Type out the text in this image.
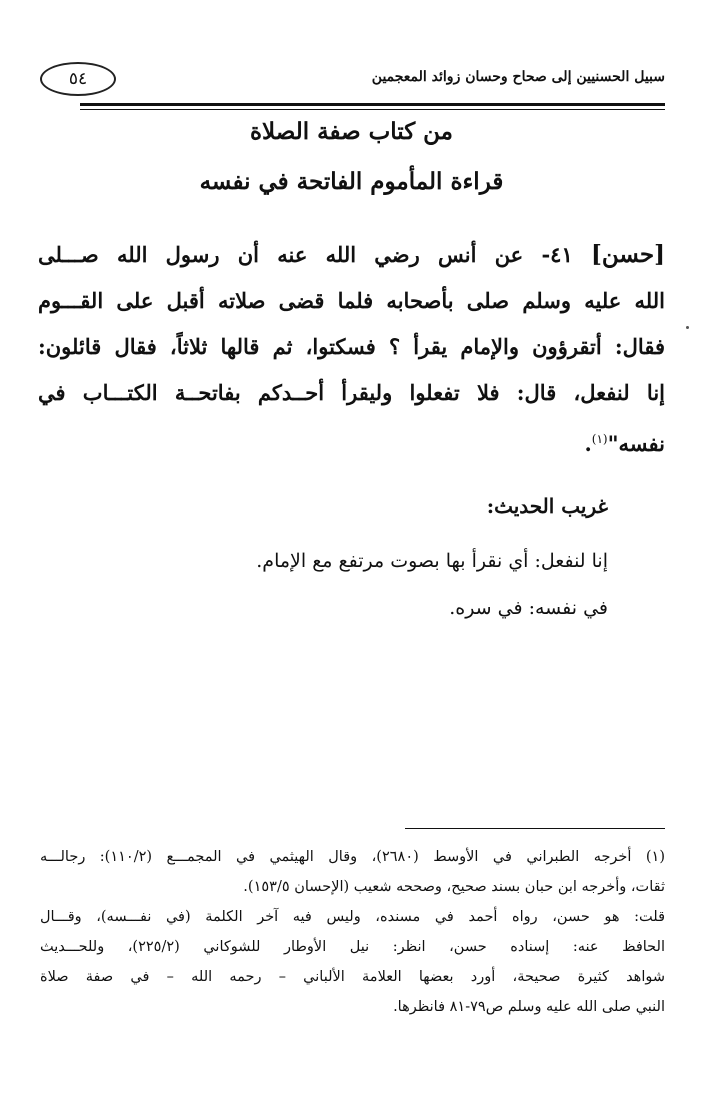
٥٤	سبيل الحسنيين إلى صحاح وحسان زوائد المعجمين
من كتاب صفة الصلاة
قراءة المأموم الفاتحة في نفسه
[حسن] ٤١- عن أنس رضي الله عنه أن رسول الله صـــلى
الله عليه وسلم صلى بأصحابه فلما قضى صلاته أقبل على القـــوم
فقال: أتقرؤون والإمام يقرأ ؟ فسكتوا، ثم قالها ثلاثاً، فقال قائلون:
إنا لنفعل، قال: فلا تفعلوا وليقرأ أحــدكم بفاتحــة الكتـــاب في
نفسه"$^{(١)}$.
غريب الحديث:
إنا لنفعل: أي نقرأ بها بصوت مرتفع مع الإمام.
في نفسه: في سره.
(١) أخرجه الطبراني في الأوسط (٢٦٨٠)، وقال الهيثمي في المجمـــع (١١٠/٢): رجالـــه
ثقات، وأخرجه ابن حبان بسند صحيح، وصححه شعيب (الإحسان ١٥٣/٥).
قلت: هو حسن، رواه أحمد في مسنده، وليس فيه آخر الكلمة (في نفـــسه)، وقـــال
الحافظ عنه: إسناده حسن، انظر: نيل الأوطار للشوكاني (٢٢٥/٢)، وللحـــديث
شواهد كثيرة صحيحة، أورد بعضها العلامة الألباني – رحمه الله – في صفة صلاة
النبي صلى الله عليه وسلم ص٧٩-٨١ فانظرها.
